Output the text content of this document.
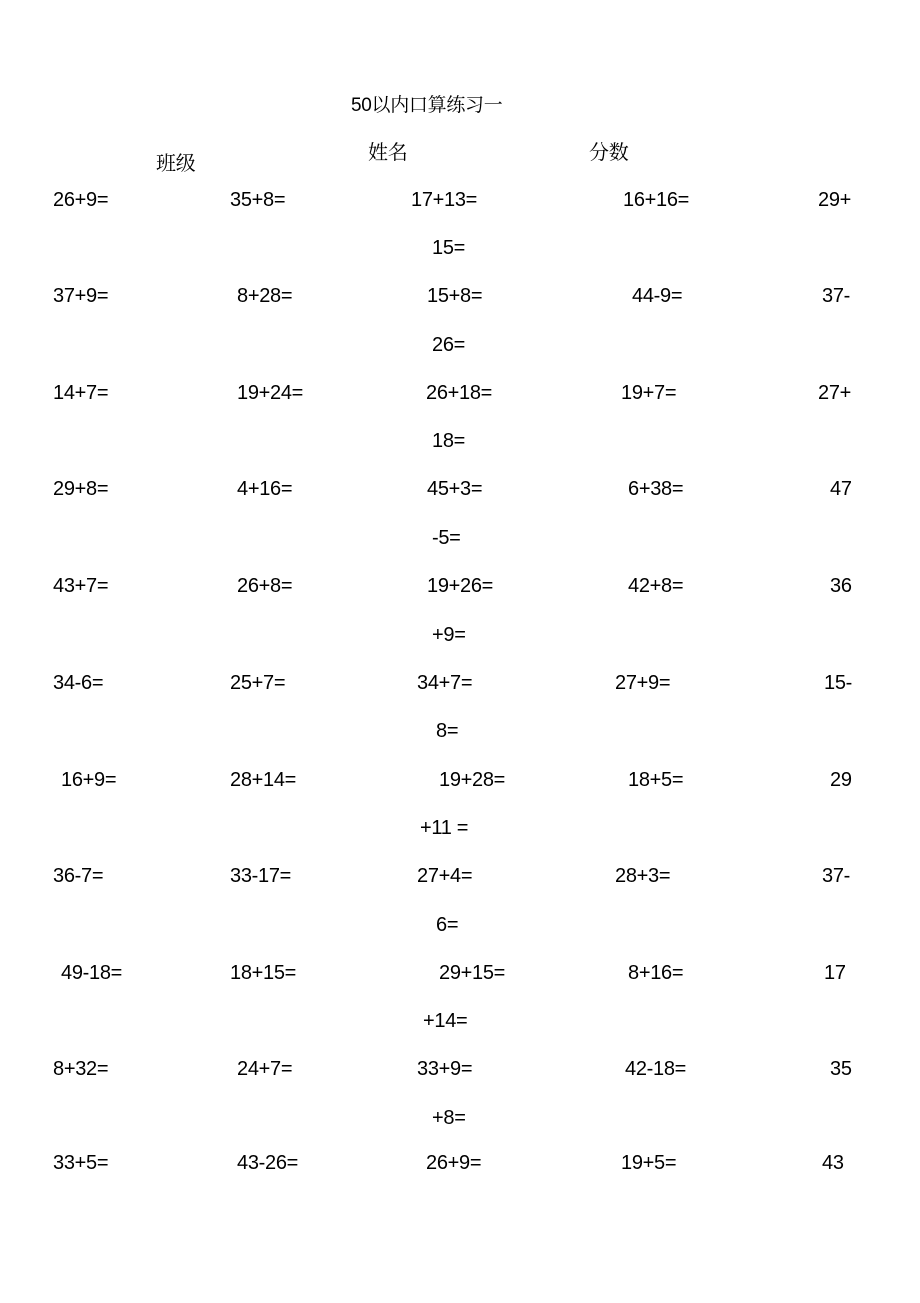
50以内口算练习一
班级	姓名	分数
26+9=	35+8=	17+13=	16+16=	29+
15=
37+9=	8+28=	15+8=	44-9=	37-
26=
14+7=	19+24=	26+18=	19+7=	27+
18=
29+8=	4+16=	45+3=	6+38=	47
-5=
43+7=	26+8=	19+26=	42+8=	36
+9=
34-6=	25+7=	34+7=	27+9=	15-
8=
16+9=	28+14=	19+28=	18+5=	29
+11 =
36-7=	33-17=	27+4=	28+3=	37-
6=
49-18=	18+15=	29+15=	8+16=	17
+14=
8+32=	24+7=	33+9=	42-18=	35
+8=
33+5=	43-26=	26+9=	19+5=	43
